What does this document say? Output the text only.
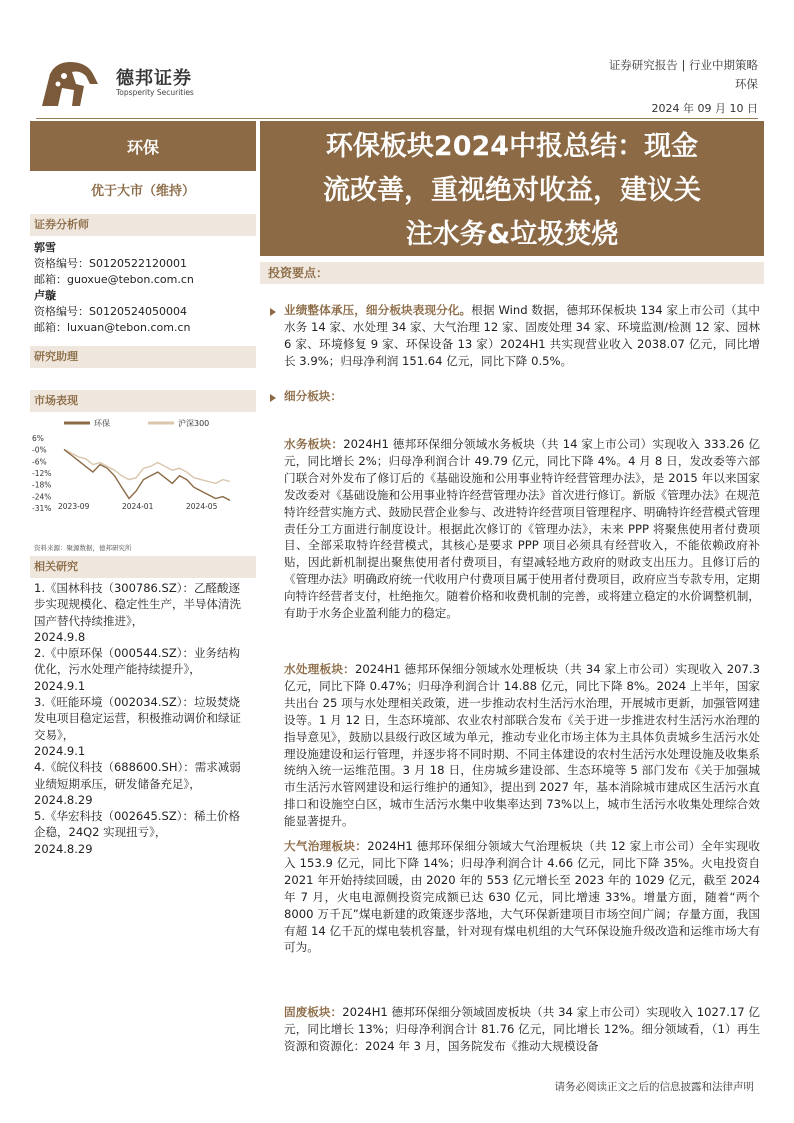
德邦证券
Topsperity Securities
证券研究报告 | 行业中期策略
环保
2024 年 09 月 10 日
环保
优于大市（维持）
证券分析师
郭雪
资格编号：S0120522120001
邮箱：guoxue@tebon.com.cn
卢璇
资格编号：S0120524050004
邮箱：luxuan@tebon.com.cn
研究助理
市场表现
环保	沪深300
6%
-0%
-6%
-12%
-18%
-24%
-31% 2023-09	2024-01	2024-05
资料来源：聚源数据，德邦研究所
相关研究
1.《国林科技（300786.SZ）：乙醛酸逐步实现规模化、稳定性生产，半导体清洗国产替代持续推进》，
2024.9.8
2.《中原环保（000544.SZ）：业务结构优化，污水处理产能持续提升》，
2024.9.1
3.《旺能环境（002034.SZ）：垃圾焚烧发电项目稳定运营，积极推动调价和绿证交易》，
2024.9.1
4.《皖仪科技（688600.SH）：需求减弱业绩短期承压，研发储备充足》，
2024.8.29
5.《华宏科技（002645.SZ）：稀土价格企稳，24Q2 实现扭亏》，
2024.8.29
环保板块2024中报总结：现金
流改善，重视绝对收益，建议关
注水务&垃圾焚烧
投资要点：
业绩整体承压，细分板块表现分化。根据 Wind 数据，德邦环保板块 134 家上市公司（其中水务 14 家、水处理 34 家、大气治理 12 家、固废处理 34 家、环境监测/检测 12 家、园林 6 家、环境修复 9 家、环保设备 13 家）2024H1 共实现营业收入 2038.07 亿元，同比增长 3.9%；归母净利润 151.64 亿元，同比下降 0.5%。
细分板块：
水务板块：2024H1 德邦环保细分领域水务板块（共 14 家上市公司）实现收入 333.26 亿元，同比增长 2%；归母净利润合计 49.79 亿元，同比下降 4%。4 月 8 日，发改委等六部门联合对外发布了修订后的《基础设施和公用事业特许经营管理办法》，是 2015 年以来国家发改委对《基础设施和公用事业特许经营管理办法》首次进行修订。新版《管理办法》在规范特许经营实施方式、鼓励民营企业参与、改进特许经营项目管理程序、明确特许经营模式管理责任分工方面进行制度设计。根据此次修订的《管理办法》，未来 PPP 将聚焦使用者付费项目、全部采取特许经营模式，其核心是要求 PPP 项目必须具有经营收入，不能依赖政府补贴，因此新机制提出聚焦使用者付费项目，有望减轻地方政府的财政支出压力。且修订后的《管理办法》明确政府统一代收用户付费项目属于使用者付费项目，政府应当专款专用，定期向特许经营者支付，杜绝拖欠。随着价格和收费机制的完善，或将建立稳定的水价调整机制，有助于水务企业盈利能力的稳定。
水处理板块：2024H1 德邦环保细分领域水处理板块（共 34 家上市公司）实现收入 207.3 亿元，同比下降 0.47%；归母净利润合计 14.88 亿元，同比下降 8%。2024 上半年，国家共出台 25 项与水处理相关政策，进一步推动农村生活污水治理，开展城市更新，加强管网建设等。1 月 12 日，生态环境部、农业农村部联合发布《关于进一步推进农村生活污水治理的指导意见》，鼓励以县级行政区域为单元，推动专业化市场主体为主具体负责城乡生活污水处理设施建设和运行管理，并逐步将不同时期、不同主体建设的农村生活污水处理设施及收集系统纳入统一运维范围。3 月 18 日，住房城乡建设部、生态环境等 5 部门发布《关于加强城市生活污水管网建设和运行维护的通知》，提出到 2027 年，基本消除城市建成区生活污水直排口和设施空白区，城市生活污水集中收集率达到 73%以上，城市生活污水收集处理综合效能显著提升。
大气治理板块：2024H1 德邦环保细分领域大气治理板块（共 12 家上市公司）全年实现收入 153.9 亿元，同比下降 14%；归母净利润合计 4.66 亿元，同比下降 35%。火电投资自 2021 年开始持续回暖，由 2020 年的 553 亿元增长至 2023 年的 1029 亿元，截至 2024 年 7 月，火电电源侧投资完成额已达 630 亿元，同比增速 33%。增量方面，随着“两个 8000 万千瓦”煤电新建的政策逐步落地，大气环保新建项目市场空间广阔；存量方面，我国有超 14 亿千瓦的煤电装机容量，针对现有煤电机组的大气环保设施升级改造和运维市场大有可为。
固废板块：2024H1 德邦环保细分领域固废板块（共 34 家上市公司）实现收入 1027.17 亿元，同比增长 13%；归母净利润合计 81.76 亿元，同比增长 12%。细分领域看，（1）再生资源和资源化：2024 年 3 月，国务院发布《推动大规模设备
请务必阅读正文之后的信息披露和法律声明
